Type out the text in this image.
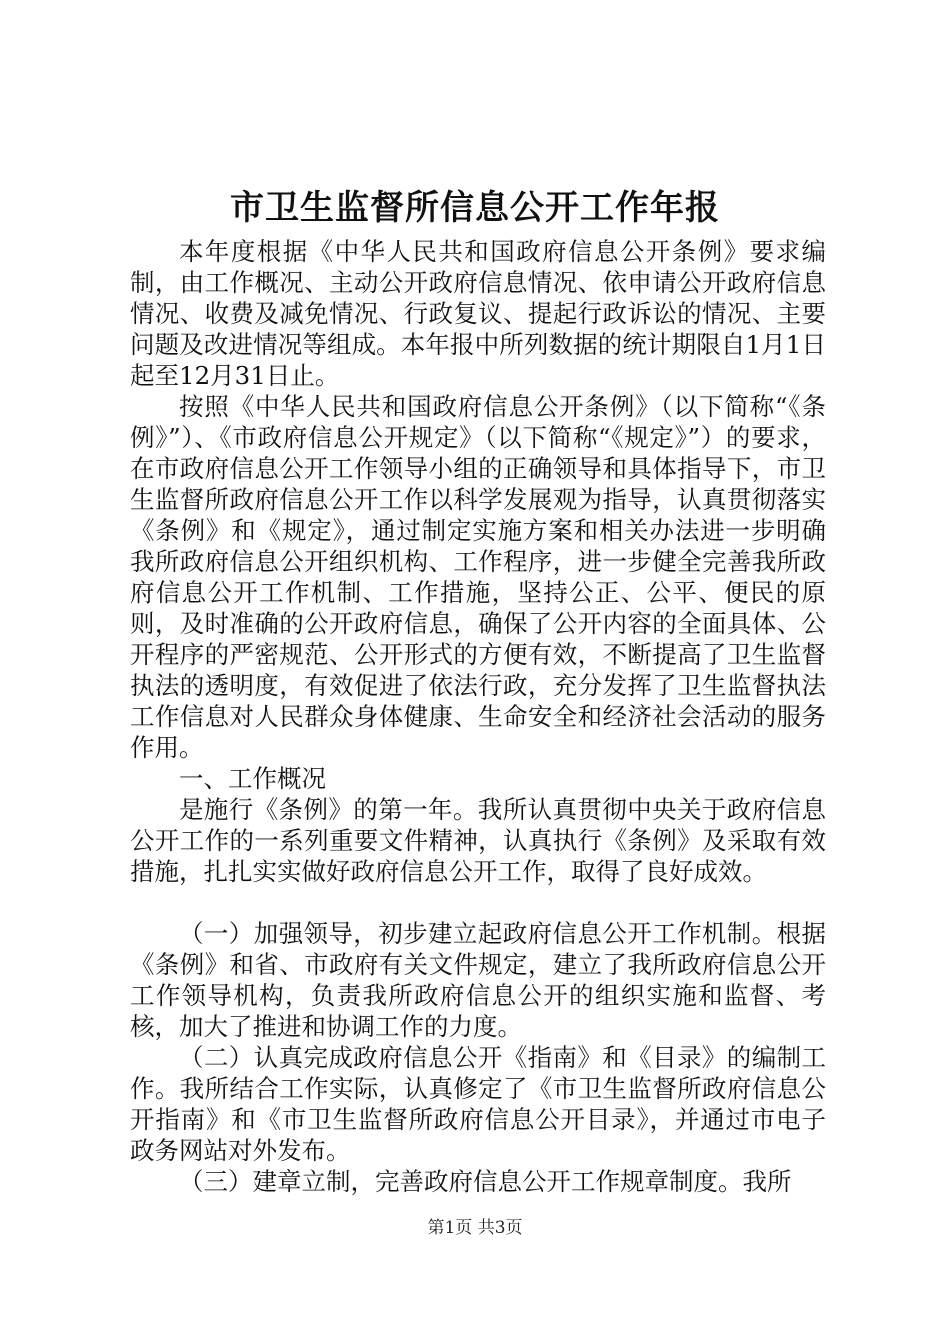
市卫生监督所信息公开工作年报

本年度根据《中华人民共和国政府信息公开条例》要求编制，由工作概况、主动公开政府信息情况、依申请公开政府信息情况、收费及减免情况、行政复议、提起行政诉讼的情况、主要问题及改进情况等组成。本年报中所列数据的统计期限自1月1日起至12月31日止。

按照《中华人民共和国政府信息公开条例》（以下简称“《条例》”）、《市政府信息公开规定》（以下简称“《规定》”）的要求，在市政府信息公开工作领导小组的正确领导和具体指导下，市卫生监督所政府信息公开工作以科学发展观为指导，认真贯彻落实《条例》和《规定》，通过制定实施方案和相关办法进一步明确我所政府信息公开组织机构、工作程序，进一步健全完善我所政府信息公开工作机制、工作措施，坚持公正、公平、便民的原则，及时准确的公开政府信息，确保了公开内容的全面具体、公开程序的严密规范、公开形式的方便有效，不断提高了卫生监督执法的透明度，有效促进了依法行政，充分发挥了卫生监督执法工作信息对人民群众身体健康、生命安全和经济社会活动的服务作用。

一、工作概况

是施行《条例》的第一年。我所认真贯彻中央关于政府信息公开工作的一系列重要文件精神，认真执行《条例》及采取有效措施，扎扎实实做好政府信息公开工作，取得了良好成效。

（一）加强领导，初步建立起政府信息公开工作机制。根据《条例》和省、市政府有关文件规定，建立了我所政府信息公开工作领导机构，负责我所政府信息公开的组织实施和监督、考核，加大了推进和协调工作的力度。

（二）认真完成政府信息公开《指南》和《目录》的编制工作。我所结合工作实际，认真修定了《市卫生监督所政府信息公开指南》和《市卫生监督所政府信息公开目录》，并通过市电子政务网站对外发布。

（三）建章立制，完善政府信息公开工作规章制度。我所

第1页 共3页
